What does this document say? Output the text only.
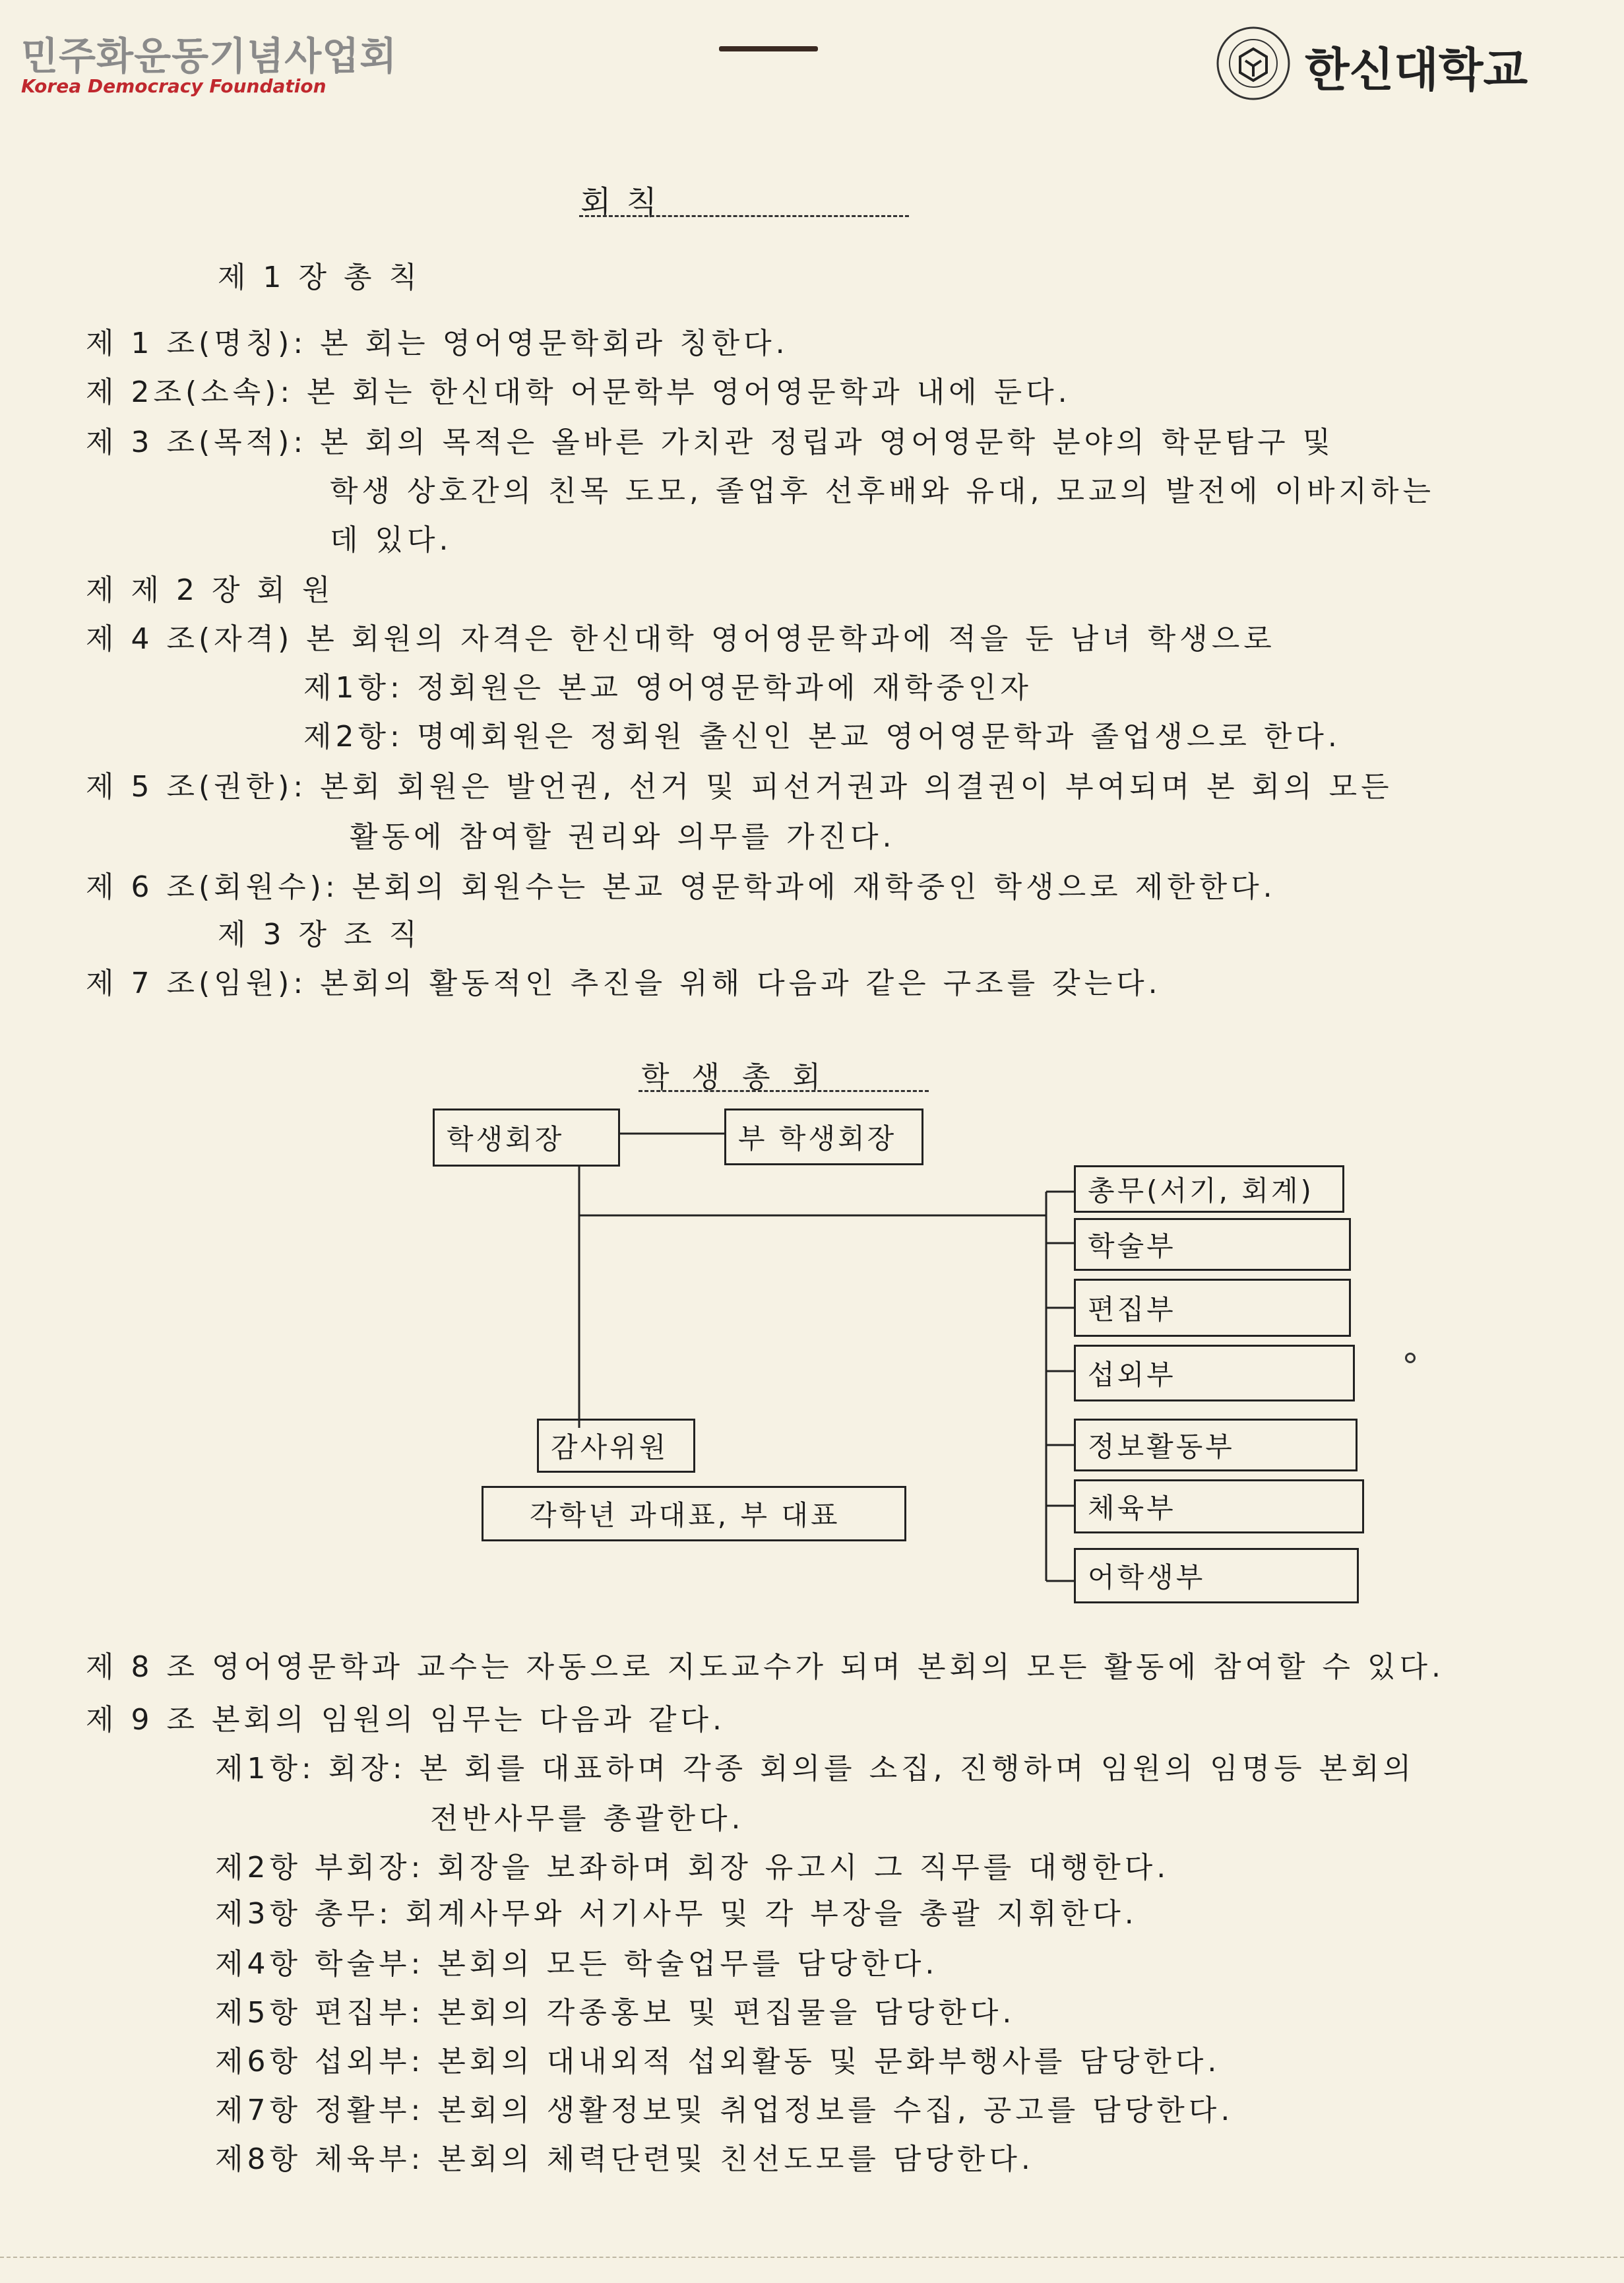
민주화운동기념사업회
Korea Democracy Foundation	한신대학교
회 칙
제 1 장 총 칙
제 1 조(명칭): 본 회는 영어영문학회라 칭한다.
제 2조(소속): 본 회는 한신대학 어문학부 영어영문학과 내에 둔다.
제 3 조(목적): 본 회의 목적은 올바른 가치관 정립과 영어영문학 분야의 학문탐구 및
학생 상호간의 친목 도모, 졸업후 선후배와 유대, 모교의 발전에 이바지하는
데 있다.
제 제 2 장 회 원
제 4 조(자격) 본 회원의 자격은 한신대학 영어영문학과에 적을 둔 남녀 학생으로
제1항: 정회원은 본교 영어영문학과에 재학중인자
제2항: 명예회원은 정회원 출신인 본교 영어영문학과 졸업생으로 한다.
제 5 조(권한): 본회 회원은 발언권, 선거 및 피선거권과 의결권이 부여되며 본 회의 모든
활동에 참여할 권리와 의무를 가진다.
제 6 조(회원수): 본회의 회원수는 본교 영문학과에 재학중인 학생으로 제한한다.
제 3 장 조 직
제 7 조(임원): 본회의 활동적인 추진을 위해 다음과 같은 구조를 갖는다.
학 생 총 회
학생회장	부 학생회장
감사위원
각학년 과대표, 부 대표
총무(서기, 회계)
학술부
편집부
섭외부
정보활동부
체육부
어학생부
제 8 조 영어영문학과 교수는 자동으로 지도교수가 되며 본회의 모든 활동에 참여할 수 있다.
제 9 조 본회의 임원의 임무는 다음과 같다.
제1항: 회장: 본 회를 대표하며 각종 회의를 소집, 진행하며 임원의 임명등 본회의
전반사무를 총괄한다.
제2항 부회장: 회장을 보좌하며 회장 유고시 그 직무를 대행한다.
제3항 총무: 회계사무와 서기사무 및 각 부장을 총괄 지휘한다.
제4항 학술부: 본회의 모든 학술업무를 담당한다.
제5항 편집부: 본회의 각종홍보 및 편집물을 담당한다.
제6항 섭외부: 본회의 대내외적 섭외활동 및 문화부행사를 담당한다.
제7항 정활부: 본회의 생활정보및 취업정보를 수집, 공고를 담당한다.
제8항 체육부: 본회의 체력단련및 친선도모를 담당한다.
